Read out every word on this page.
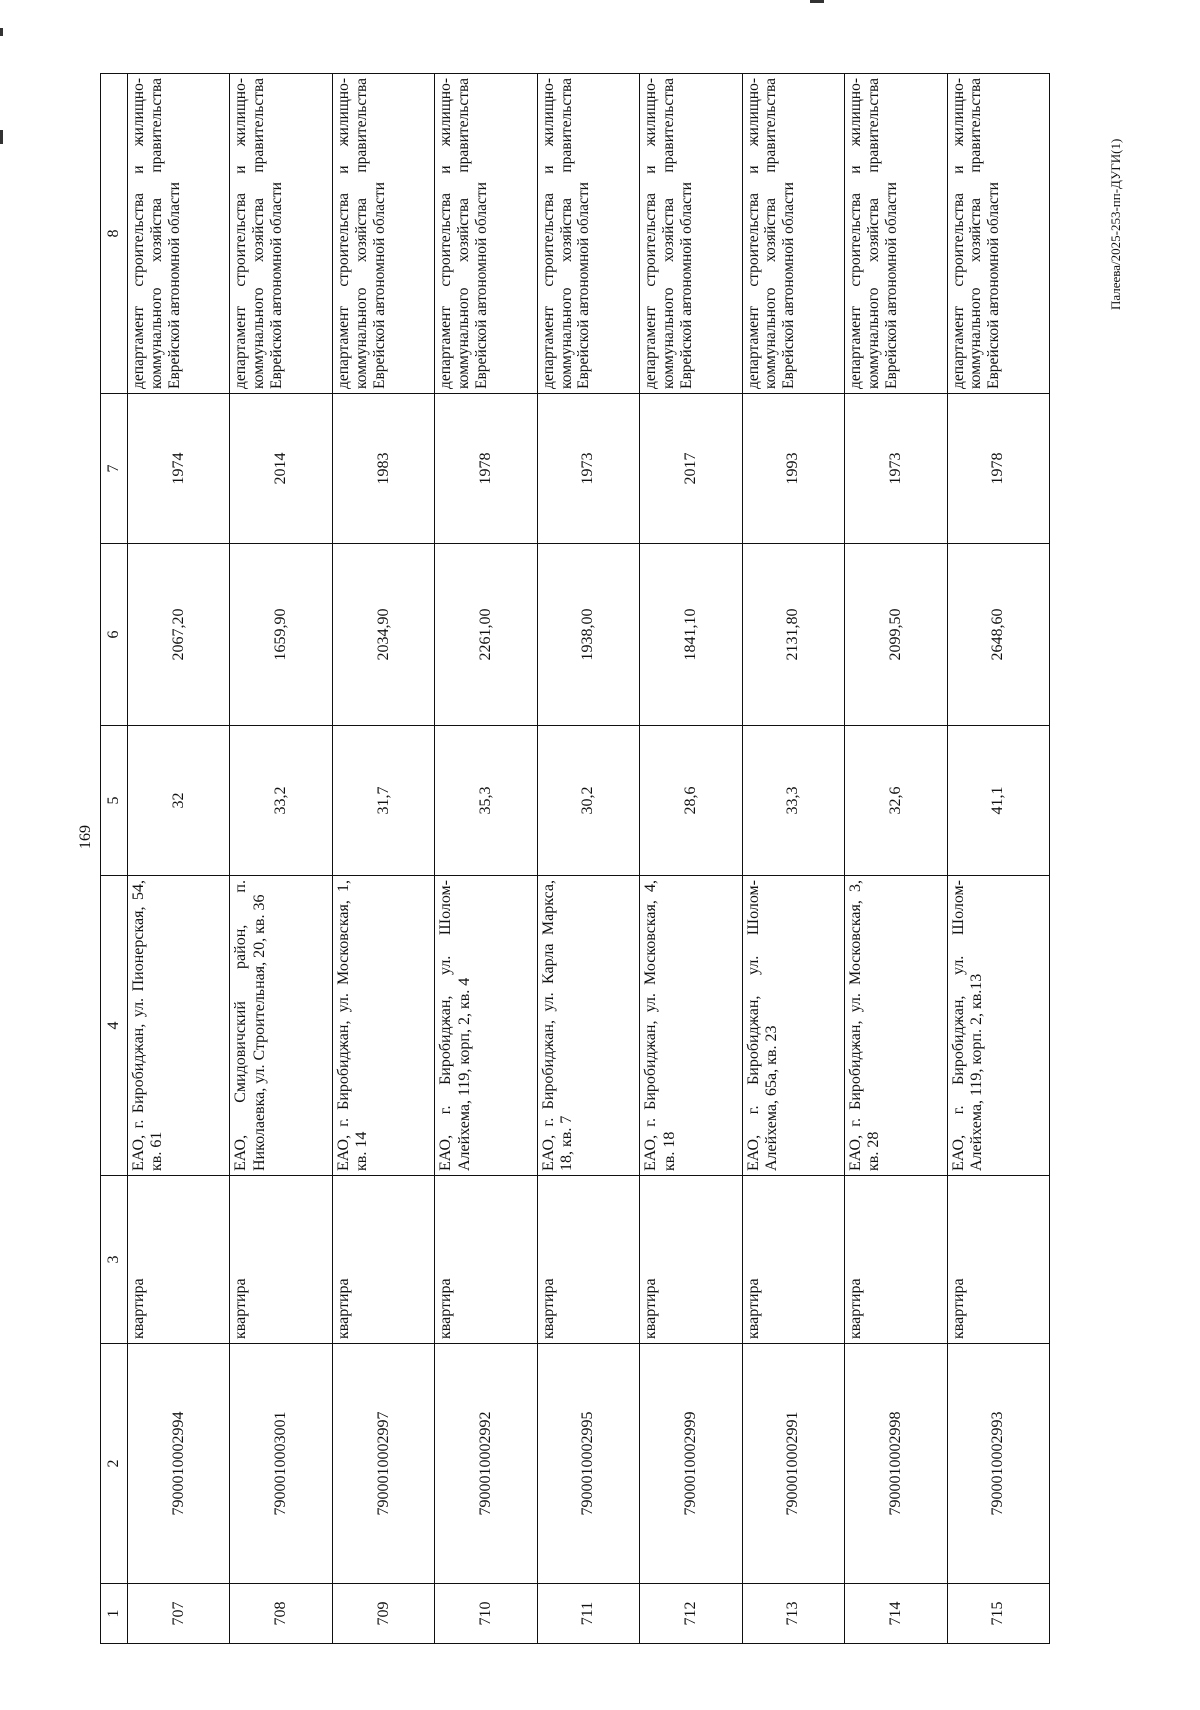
169
Палеева/2025-253-пп-ДУГИ(1)
1	2	3	4	5	6	7	8
707	7900010002994	квартира	ЕАО, г. Биробиджан, ул. Пионерская, 54, кв. 61	32	2067,20	1974	департамент строительства и жилищно-коммунального хозяйства правительства Еврейской автономной области
708	7900010003001	квартира	ЕАО, Смидовичский район, п. Николаевка, ул. Строительная, 20, кв. 36	33,2	1659,90	2014	департамент строительства и жилищно-коммунального хозяйства правительства Еврейской автономной области
709	7900010002997	квартира	ЕАО, г. Биробиджан, ул. Московская, 1, кв. 14	31,7	2034,90	1983	департамент строительства и жилищно-коммунального хозяйства правительства Еврейской автономной области
710	7900010002992	квартира	ЕАО, г. Биробиджан, ул. Шолом-Алейхема, 119, корп, 2, кв. 4	35,3	2261,00	1978	департамент строительства и жилищно-коммунального хозяйства правительства Еврейской автономной области
711	7900010002995	квартира	ЕАО, г. Биробиджан, ул. Карла Маркса, 18, кв. 7	30,2	1938,00	1973	департамент строительства и жилищно-коммунального хозяйства правительства Еврейской автономной области
712	7900010002999	квартира	ЕАО, г. Биробиджан, ул. Московская, 4, кв. 18	28,6	1841,10	2017	департамент строительства и жилищно-коммунального хозяйства правительства Еврейской автономной области
713	7900010002991	квартира	ЕАО, г. Биробиджан, ул. Шолом-Алейхема, 65а, кв. 23	33,3	2131,80	1993	департамент строительства и жилищно-коммунального хозяйства правительства Еврейской автономной области
714	7900010002998	квартира	ЕАО, г. Биробиджан, ул. Московская, 3, кв. 28	32,6	2099,50	1973	департамент строительства и жилищно-коммунального хозяйства правительства Еврейской автономной области
715	7900010002993	квартира	ЕАО, г. Биробиджан, ул. Шолом-Алейхема, 119, корп. 2, кв.13	41,1	2648,60	1978	департамент строительства и жилищно-коммунального хозяйства правительства Еврейской автономной области
